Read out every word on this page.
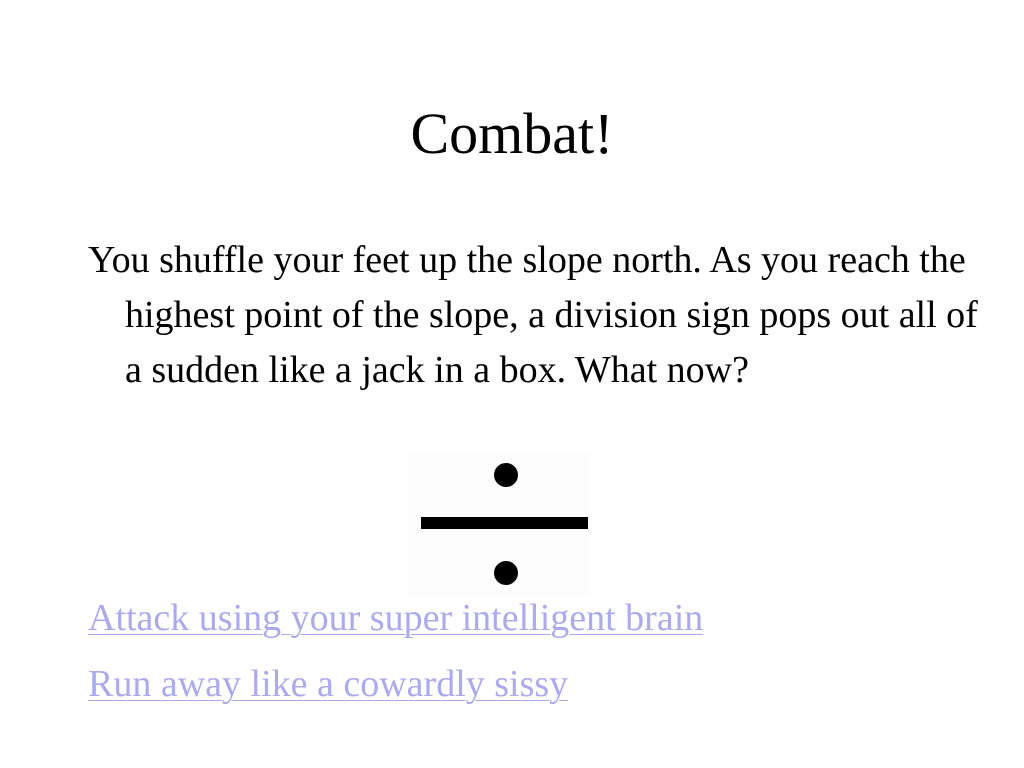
Combat!

You shuffle your feet up the slope north. As you reach the highest point of the slope, a division sign pops out all of a sudden like a jack in a box. What now?

Attack using your super intelligent brain
Run away like a cowardly sissy
